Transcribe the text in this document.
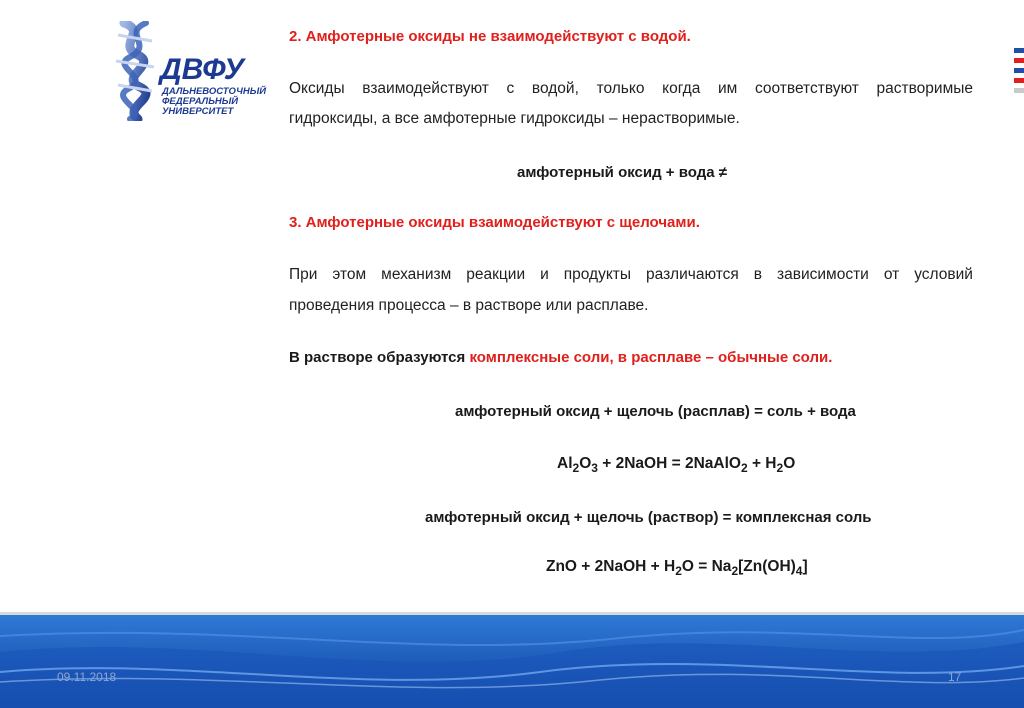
ДВФУ
ДАЛЬНЕВОСТОЧНЫЙ
ФЕДЕРАЛЬНЫЙ
УНИВЕРСИТЕТ
2. Амфотерные оксиды не взаимодействуют с водой.
Оксиды взаимодействуют с водой, только когда им соответствуют растворимые
гидроксиды, а все амфотерные гидроксиды – нерастворимые.
амфотерный оксид + вода ≠
3. Амфотерные оксиды взаимодействуют с щелочами.
При этом механизм реакции и продукты различаются в зависимости от условий
проведения процесса – в растворе или расплаве.
В растворе образуются комплексные соли, в расплаве – обычные соли.
амфотерный оксид + щелочь (расплав) = соль + вода
$Al_2O_3$ + 2NaOH = 2NaAlO$_2$ + $H_2O$
амфотерный оксид + щелочь (раствор) = комплексная соль
ZnO + 2NaOH + $H_2O = Na_2[Zn(OH)_4]$
09.11.2018	17
